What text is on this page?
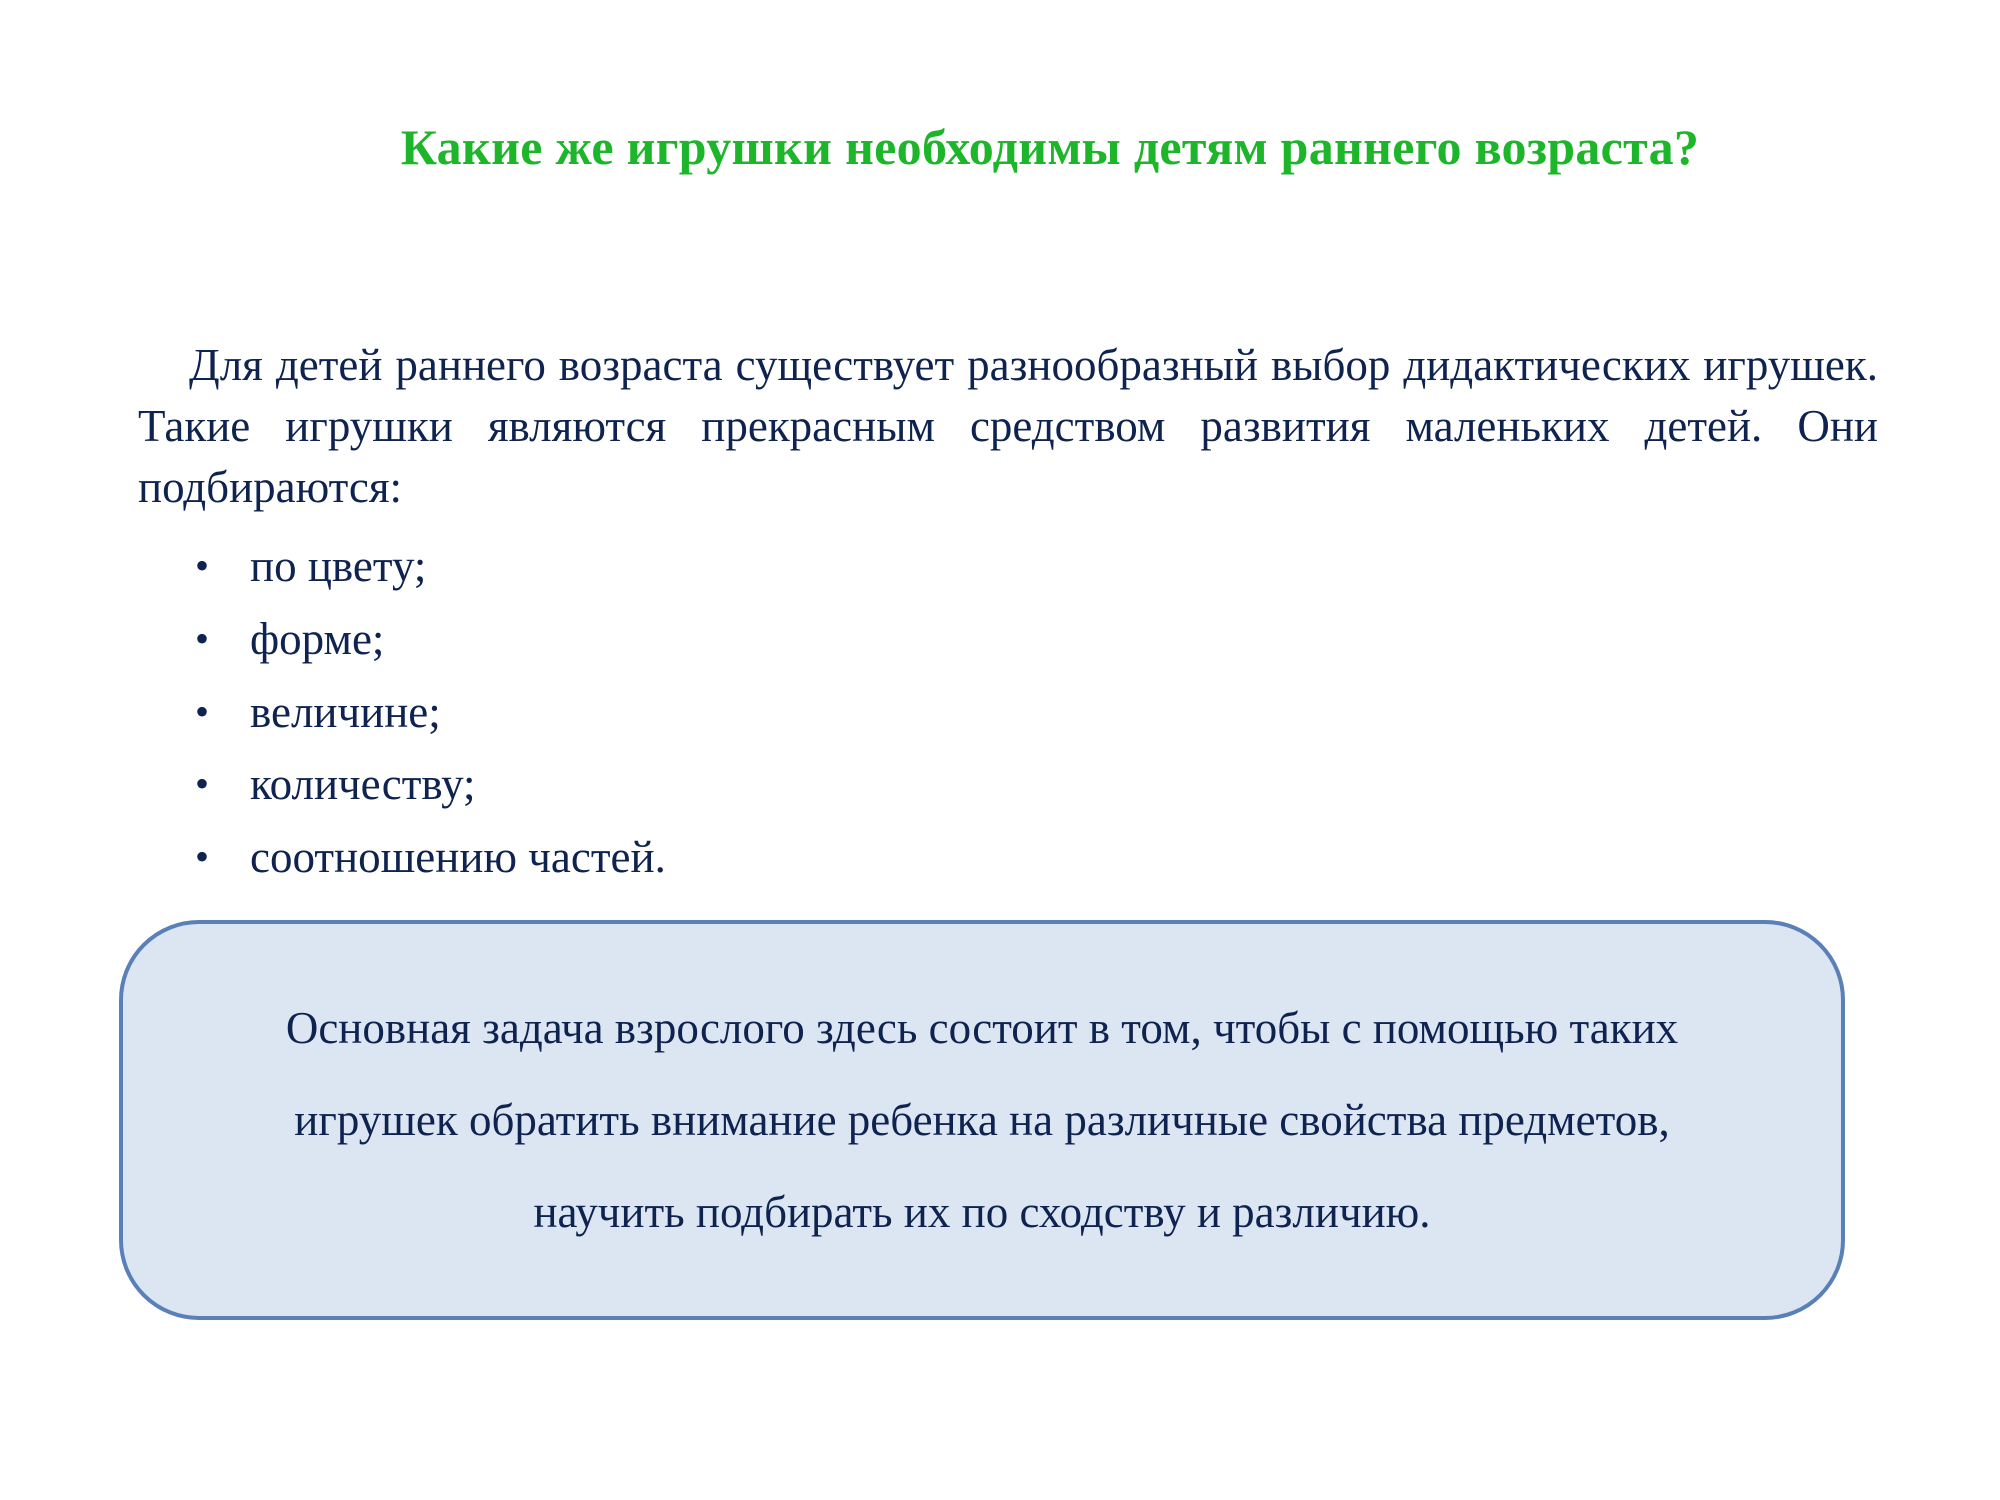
Какие же игрушки необходимы детям раннего возраста?
Для детей раннего возраста существует разнообразный выбор дидактических игрушек. Такие игрушки являются прекрасным средством развития маленьких детей. Они подбираются:
• по цвету;
• форме;
• величине;
• количеству;
• соотношению частей.

Основная задача взрослого здесь состоит в том, чтобы с помощью таких

игрушек обратить внимание ребенка на различные свойства предметов,

научить подбирать их по сходству и различию.
